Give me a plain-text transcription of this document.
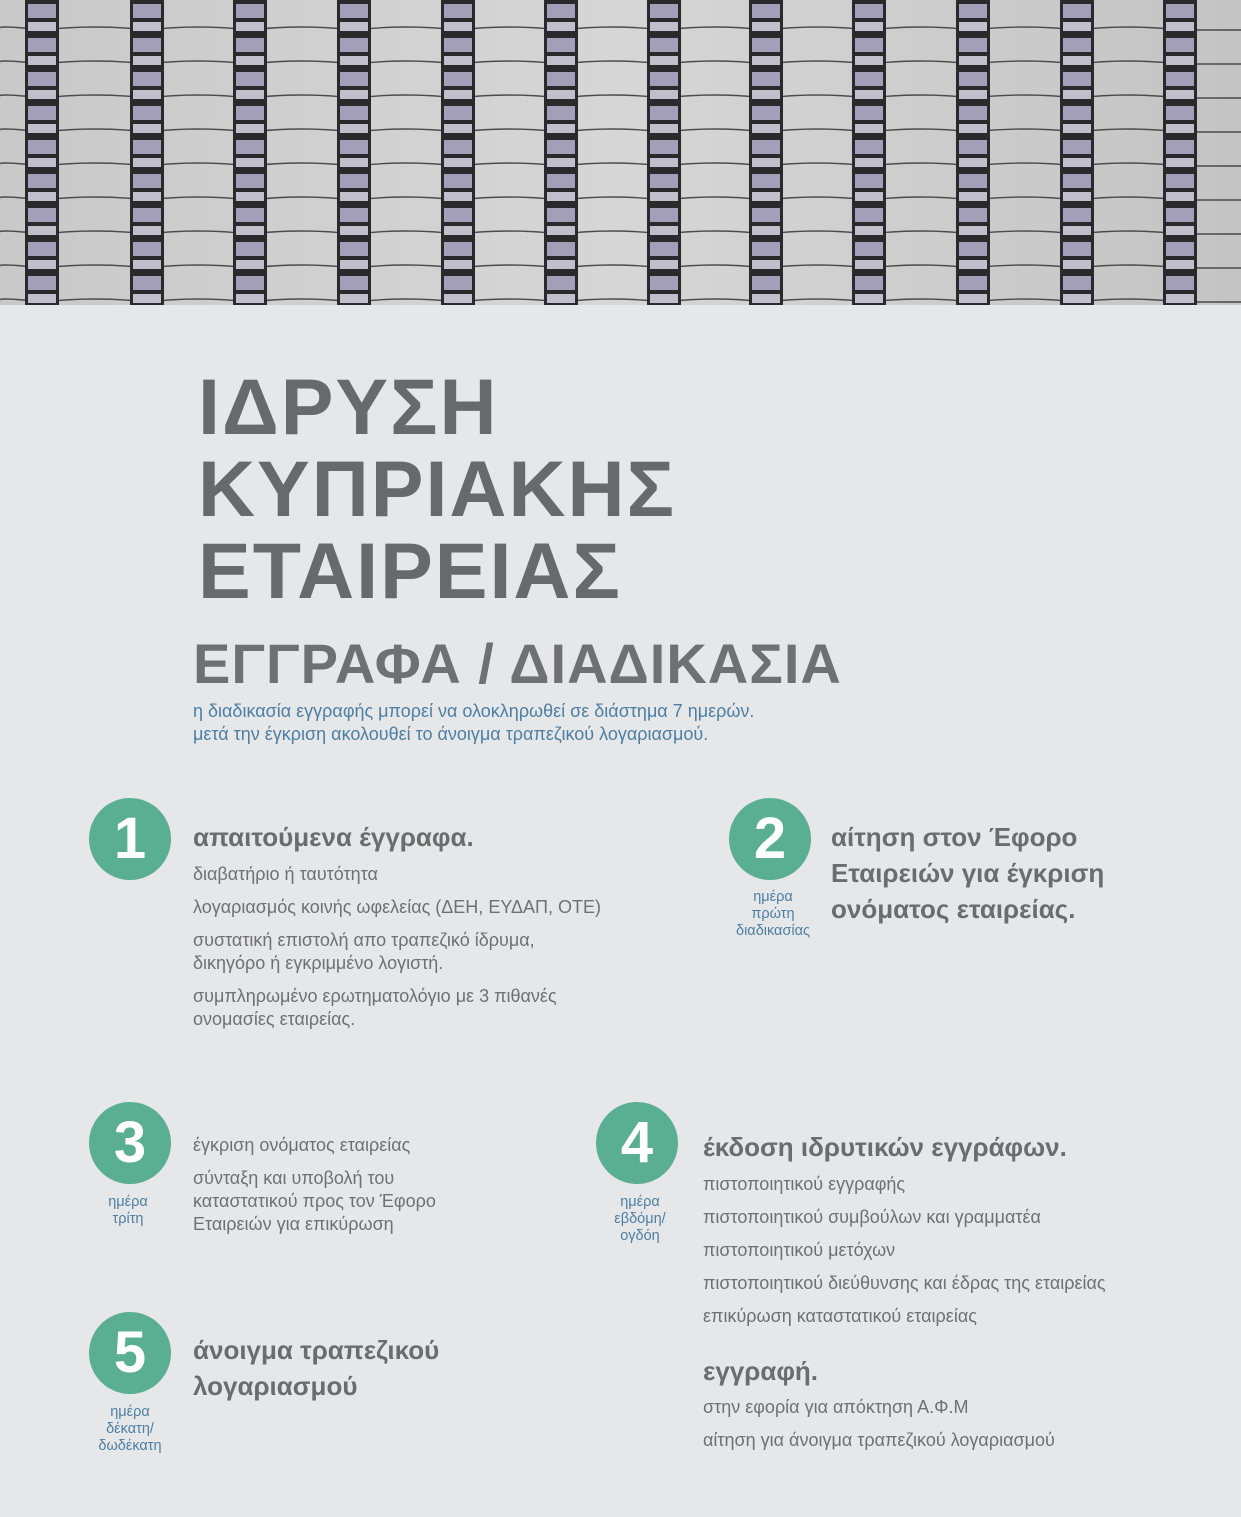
ΙΔΡΥΣΗ
ΚΥΠΡΙΑΚΗΣ
ΕΤΑΙΡΕΙΑΣ
ΕΓΓΡΑΦΑ / ΔΙΑΔΙΚΑΣΙΑ
η διαδικασία εγγραφής μπορεί να ολοκληρωθεί σε διάστημα 7 ημερών.
μετά την έγκριση ακολουθεί το άνοιγμα τραπεζικού λογαριασμού.
1	απαιτούμενα έγγραφα.
διαβατήριο ή ταυτότητα
λογαριασμός κοινής ωφελείας (ΔΕΗ, ΕΥΔΑΠ, ΟΤΕ)
συστατική επιστολή απο τραπεζικό ίδρυμα,
δικηγόρο ή εγκριμμένο λογιστή.
συμπληρωμένο ερωτηματολόγιο με 3 πιθανές
ονομασίες εταιρείας.
2
ημέρα
πρώτη
διαδικασίας
αίτηση στον Έφορο
Εταιρειών για έγκριση
ονόματος εταιρείας.
3
ημέρα
τρίτη
έγκριση ονόματος εταιρείας
σύνταξη και υποβολή του
καταστατικού προς τον Έφορο
Εταιρειών για επικύρωση
4
ημέρα
εβδόμη/
ογδόη
έκδοση ιδρυτικών εγγράφων.
πιστοποιητικού εγγραφής
πιστοποιητικού συμβούλων και γραμματέα
πιστοποιητικού μετόχων
πιστοποιητικού διεύθυνσης και έδρας της εταιρείας
επικύρωση καταστατικού εταιρείας
εγγραφή.
στην εφορία για απόκτηση Α.Φ.Μ
αίτηση για άνοιγμα τραπεζικού λογαριασμού
5
ημέρα
δέκατη/
δωδέκατη
άνοιγμα τραπεζικού
λογαριασμού
